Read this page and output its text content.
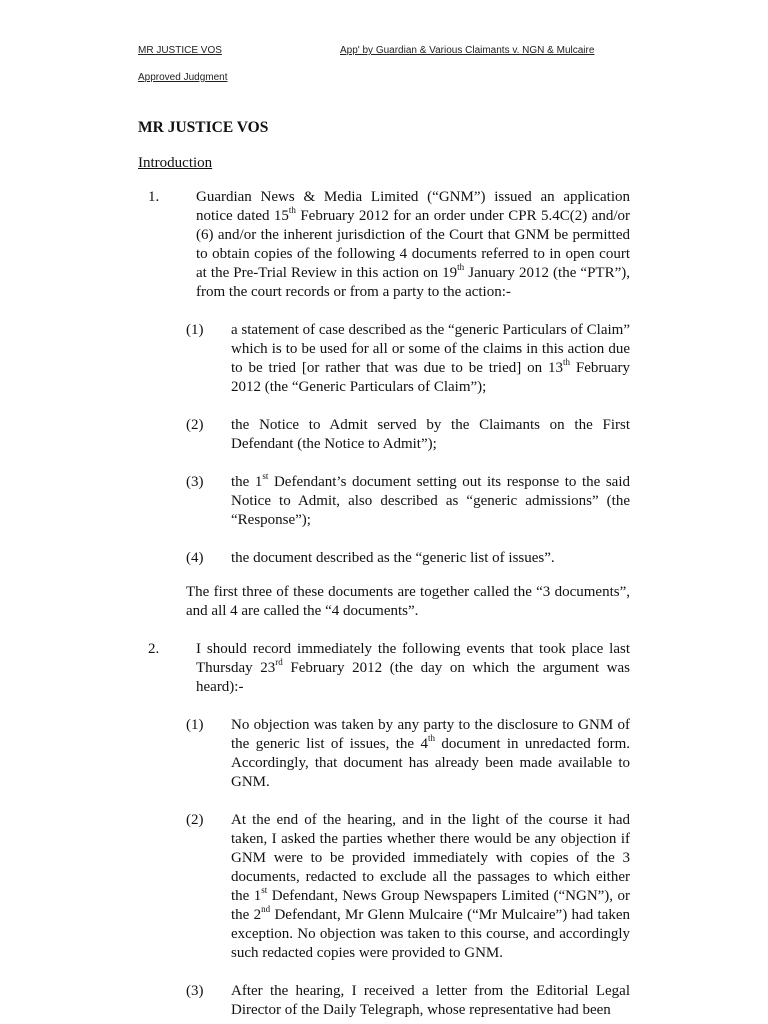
MR JUSTICE VOS	App' by Guardian & Various Claimants v. NGN & Mulcaire
Approved Judgment
MR JUSTICE VOS
Introduction
1. Guardian News & Media Limited (“GNM”) issued an application notice dated 15th February 2012 for an order under CPR 5.4C(2) and/or (6) and/or the inherent jurisdiction of the Court that GNM be permitted to obtain copies of the following 4 documents referred to in open court at the Pre-Trial Review in this action on 19th January 2012 (the “PTR”), from the court records or from a party to the action:-
(1) a statement of case described as the “generic Particulars of Claim” which is to be used for all or some of the claims in this action due to be tried [or rather that was due to be tried] on 13th February 2012 (the “Generic Particulars of Claim”);
(2) the Notice to Admit served by the Claimants on the First Defendant (the Notice to Admit”);
(3) the 1st Defendant’s document setting out its response to the said Notice to Admit, also described as “generic admissions” (the “Response”);
(4) the document described as the “generic list of issues”.
The first three of these documents are together called the “3 documents”, and all 4 are called the “4 documents”.
2. I should record immediately the following events that took place last Thursday 23rd February 2012 (the day on which the argument was heard):-
(1) No objection was taken by any party to the disclosure to GNM of the generic list of issues, the 4th document in unredacted form. Accordingly, that document has already been made available to GNM.
(2) At the end of the hearing, and in the light of the course it had taken, I asked the parties whether there would be any objection if GNM were to be provided immediately with copies of the 3 documents, redacted to exclude all the passages to which either the 1st Defendant, News Group Newspapers Limited (“NGN”), or the 2nd Defendant, Mr Glenn Mulcaire (“Mr Mulcaire”) had taken exception. No objection was taken to this course, and accordingly such redacted copies were provided to GNM.
(3) After the hearing, I received a letter from the Editorial Legal Director of the Daily Telegraph, whose representative had been
